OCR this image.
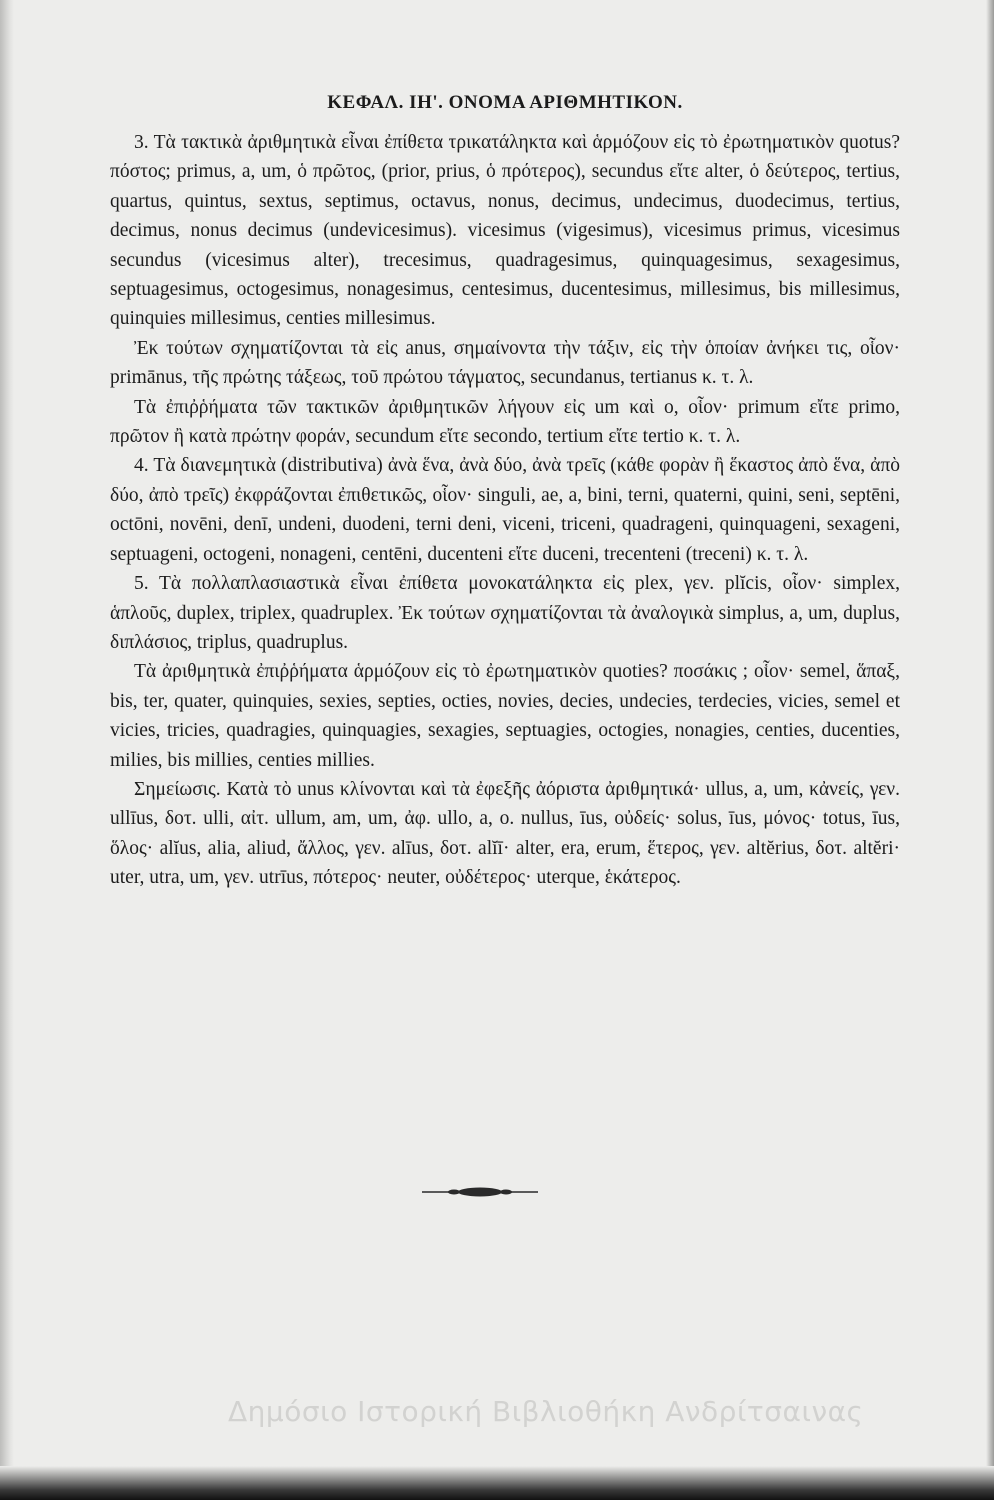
ΚΕΦΑΛ. ΙΗ'. ΟΝΟΜΑ ΑΡΙΘΜΗΤΙΚΟΝ.

3. Τὰ τακτικὰ ἀριθμητικὰ εἶναι ἐπίθετα τρικατάληκτα καὶ ἁρμόζουν εἰς τὸ ἐρωτηματικὸν quotus? πόστος; primus, a, um, ὁ πρῶτος, (prior, prius, ὁ πρότερος), secundus εἴτε alter, ὁ δεύτερος, tertius, quartus, quintus, sextus, septimus, octavus, nonus, decimus, undecimus, duodecimus, tertius, decimus, nonus decimus (undevicesimus). vicesimus (vigesimus), vicesimus primus, vicesimus secundus (vicesimus alter), trecesimus, quadragesimus, quinquagesimus, sexagesimus, septuagesimus, octogesimus, nonagesimus, centesimus, ducentesimus, millesimus, bis millesimus, quinquies millesimus, centies millesimus.

Ἐκ τούτων σχηματίζονται τὰ εἰς anus, σημαίνοντα τὴν τάξιν, εἰς τὴν ὁποίαν ἀνήκει τις, οἷον· primānus, τῆς πρώτης τάξεως, τοῦ πρώτου τάγματος, secundanus, tertianus κ. τ. λ.

Τὰ ἐπιῤῥήματα τῶν τακτικῶν ἀριθμητικῶν λήγουν εἰς um καὶ o, οἷον· primum εἴτε primo, πρῶτον ἢ κατὰ πρώτην φοράν, secundum εἴτε secondo, tertium εἴτε tertio κ. τ. λ.

4. Τὰ διανεμητικὰ (distributiva) ἀνὰ ἕνα, ἀνὰ δύο, ἀνὰ τρεῖς (κάθε φορὰν ἢ ἕκαστος ἀπὸ ἕνα, ἀπὸ δύο, ἀπὸ τρεῖς) ἐκφράζονται ἐπιθετικῶς, οἷον· singuli, ae, a, bini, terni, quaterni, quini, seni, septēni, octōni, novēni, denī, undeni, duodeni, terni deni, viceni, triceni, quadrageni, quinquageni, sexageni, septuageni, octogeni, nonageni, centēni, ducenteni εἴτε duceni, trecenteni (treceni) κ. τ. λ.

5. Τὰ πολλαπλασιαστικὰ εἶναι ἐπίθετα μονοκατάληκτα εἰς plex, γεν. plĭcis, οἷον· simplex, ἁπλοῦς, duplex, triplex, quadruplex. Ἐκ τούτων σχηματίζονται τὰ ἀναλογικὰ simplus, a, um, duplus, διπλάσιος, triplus, quadruplus.

Τὰ ἀριθμητικὰ ἐπιῤῥήματα ἁρμόζουν εἰς τὸ ἐρωτηματικὸν quoties? ποσάκις ; οἷον· semel, ἅπαξ, bis, ter, quater, quinquies, sexies, septies, octies, novies, decies, undecies, terdecies, vicies, semel et vicies, tricies, quadragies, quinquagies, sexagies, septuagies, octogies, nonagies, centies, ducenties, milies, bis millies, centies millies.

Σημείωσις. Κατὰ τὸ unus κλίνονται καὶ τὰ ἐφεξῆς ἀόριστα ἀριθμητικά· ullus, a, um, κἀνείς, γεν. ullīus, δοτ. ulli, αἰτ. ullum, am, um, ἀφ. ullo, a, o. nullus, īus, οὐδείς· solus, īus, μόνος· totus, īus, ὅλος· alĭus, alia, aliud, ἄλλος, γεν. alīus, δοτ. alĭī· alter, era, erum, ἕτερος, γεν. altĕrius, δοτ. altĕri· uter, utra, um, γεν. utrīus, πότερος· neuter, οὐδέτερος· uterque, ἑκάτερος.

Δημόσιο Ιστορική Βιβλιοθήκη Ανδρίτσαινας
